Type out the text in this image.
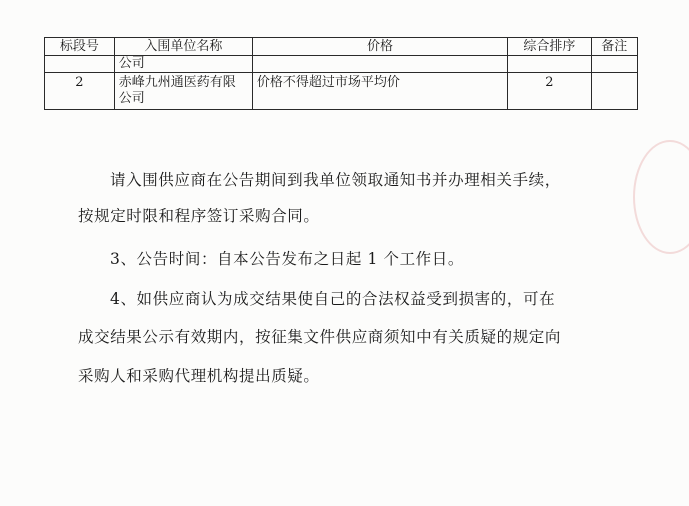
标段号	入围单位名称	价格	综合排序	备注
	公司			
2	赤峰九州通医药有限公司	价格不得超过市场平均价	2	
请入围供应商在公告期间到我单位领取通知书并办理相关手续，
按规定时限和程序签订采购合同。
3、公告时间：自本公告发布之日起 1 个工作日。
4、如供应商认为成交结果使自己的合法权益受到损害的，可在
成交结果公示有效期内，按征集文件供应商须知中有关质疑的规定向
采购人和采购代理机构提出质疑。
